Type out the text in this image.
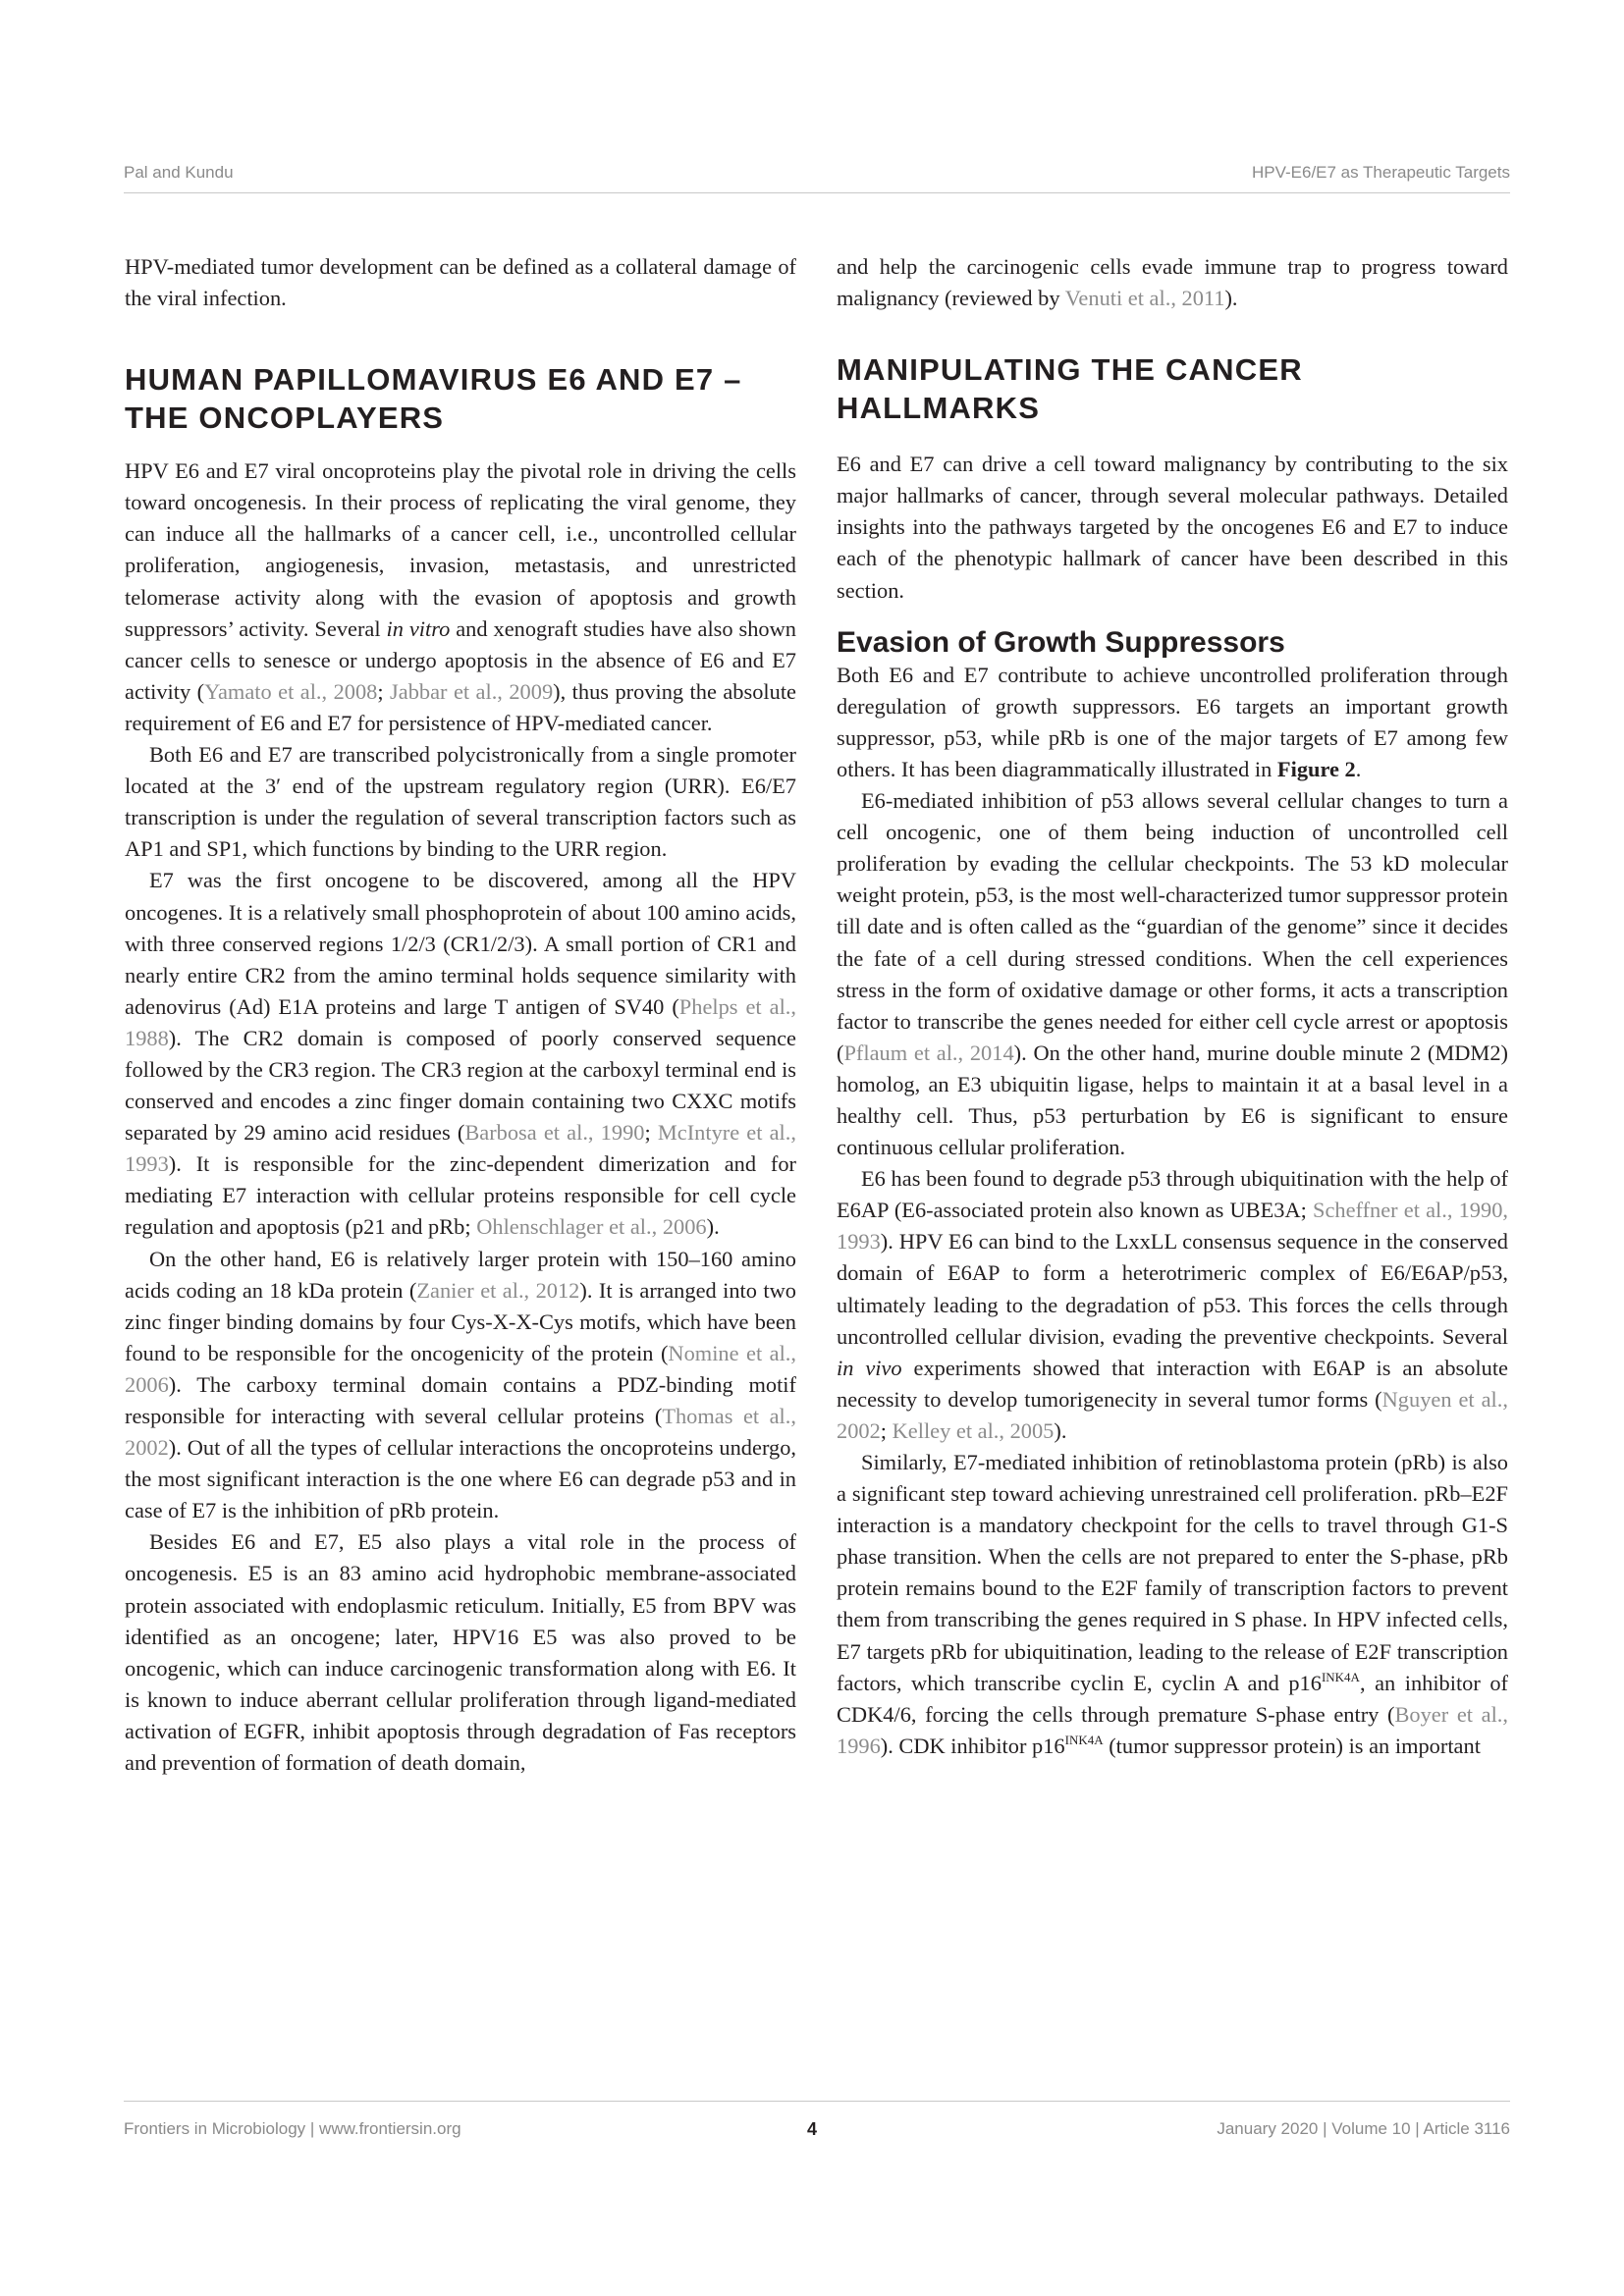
Pal and Kundu	HPV-E6/E7 as Therapeutic Targets

HPV-mediated tumor development can be defined as a collateral damage of the viral infection.

HUMAN PAPILLOMAVIRUS E6 AND E7 – THE ONCOPLAYERS

HPV E6 and E7 viral oncoproteins play the pivotal role in driving the cells toward oncogenesis. In their process of replicating the viral genome, they can induce all the hallmarks of a cancer cell, i.e., uncontrolled cellular proliferation, angiogenesis, invasion, metastasis, and unrestricted telomerase activity along with the evasion of apoptosis and growth suppressors’ activity. Several in vitro and xenograft studies have also shown cancer cells to senesce or undergo apoptosis in the absence of E6 and E7 activity (Yamato et al., 2008; Jabbar et al., 2009), thus proving the absolute requirement of E6 and E7 for persistence of HPV-mediated cancer.

Both E6 and E7 are transcribed polycistronically from a single promoter located at the 3′ end of the upstream regulatory region (URR). E6/E7 transcription is under the regulation of several transcription factors such as AP1 and SP1, which functions by binding to the URR region.

E7 was the first oncogene to be discovered, among all the HPV oncogenes. It is a relatively small phosphoprotein of about 100 amino acids, with three conserved regions 1/2/3 (CR1/2/3). A small portion of CR1 and nearly entire CR2 from the amino terminal holds sequence similarity with adenovirus (Ad) E1A proteins and large T antigen of SV40 (Phelps et al., 1988). The CR2 domain is composed of poorly conserved sequence followed by the CR3 region. The CR3 region at the carboxyl terminal end is conserved and encodes a zinc finger domain containing two CXXC motifs separated by 29 amino acid residues (Barbosa et al., 1990; McIntyre et al., 1993). It is responsible for the zinc-dependent dimerization and for mediating E7 interaction with cellular proteins responsible for cell cycle regulation and apoptosis (p21 and pRb; Ohlenschlager et al., 2006).

On the other hand, E6 is relatively larger protein with 150–160 amino acids coding an 18 kDa protein (Zanier et al., 2012). It is arranged into two zinc finger binding domains by four Cys-X-X-Cys motifs, which have been found to be responsible for the oncogenicity of the protein (Nomine et al., 2006). The carboxy terminal domain contains a PDZ-binding motif responsible for interacting with several cellular proteins (Thomas et al., 2002). Out of all the types of cellular interactions the oncoproteins undergo, the most significant interaction is the one where E6 can degrade p53 and in case of E7 is the inhibition of pRb protein.

Besides E6 and E7, E5 also plays a vital role in the process of oncogenesis. E5 is an 83 amino acid hydrophobic membrane-associated protein associated with endoplasmic reticulum. Initially, E5 from BPV was identified as an oncogene; later, HPV16 E5 was also proved to be oncogenic, which can induce carcinogenic transformation along with E6. It is known to induce aberrant cellular proliferation through ligand-mediated activation of EGFR, inhibit apoptosis through degradation of Fas receptors and prevention of formation of death domain,

and help the carcinogenic cells evade immune trap to progress toward malignancy (reviewed by Venuti et al., 2011).

MANIPULATING THE CANCER HALLMARKS

E6 and E7 can drive a cell toward malignancy by contributing to the six major hallmarks of cancer, through several molecular pathways. Detailed insights into the pathways targeted by the oncogenes E6 and E7 to induce each of the phenotypic hallmark of cancer have been described in this section.

Evasion of Growth Suppressors

Both E6 and E7 contribute to achieve uncontrolled proliferation through deregulation of growth suppressors. E6 targets an important growth suppressor, p53, while pRb is one of the major targets of E7 among few others. It has been diagrammatically illustrated in Figure 2.

E6-mediated inhibition of p53 allows several cellular changes to turn a cell oncogenic, one of them being induction of uncontrolled cell proliferation by evading the cellular checkpoints. The 53 kD molecular weight protein, p53, is the most well-characterized tumor suppressor protein till date and is often called as the “guardian of the genome” since it decides the fate of a cell during stressed conditions. When the cell experiences stress in the form of oxidative damage or other forms, it acts a transcription factor to transcribe the genes needed for either cell cycle arrest or apoptosis (Pflaum et al., 2014). On the other hand, murine double minute 2 (MDM2) homolog, an E3 ubiquitin ligase, helps to maintain it at a basal level in a healthy cell. Thus, p53 perturbation by E6 is significant to ensure continuous cellular proliferation.

E6 has been found to degrade p53 through ubiquitination with the help of E6AP (E6-associated protein also known as UBE3A; Scheffner et al., 1990, 1993). HPV E6 can bind to the LxxLL consensus sequence in the conserved domain of E6AP to form a heterotrimeric complex of E6/E6AP/p53, ultimately leading to the degradation of p53. This forces the cells through uncontrolled cellular division, evading the preventive checkpoints. Several in vivo experiments showed that interaction with E6AP is an absolute necessity to develop tumorigenecity in several tumor forms (Nguyen et al., 2002; Kelley et al., 2005).

Similarly, E7-mediated inhibition of retinoblastoma protein (pRb) is also a significant step toward achieving unrestrained cell proliferation. pRb–E2F interaction is a mandatory checkpoint for the cells to travel through G1-S phase transition. When the cells are not prepared to enter the S-phase, pRb protein remains bound to the E2F family of transcription factors to prevent them from transcribing the genes required in S phase. In HPV infected cells, E7 targets pRb for ubiquitination, leading to the release of E2F transcription factors, which transcribe cyclin E, cyclin A and $p16^{INK4A}$, an inhibitor of CDK4/6, forcing the cells through premature S-phase entry (Boyer et al., 1996). CDK inhibitor $p16^{INK4A}$ (tumor suppressor protein) is an important

Frontiers in Microbiology | www.frontiersin.org	4	January 2020 | Volume 10 | Article 3116
